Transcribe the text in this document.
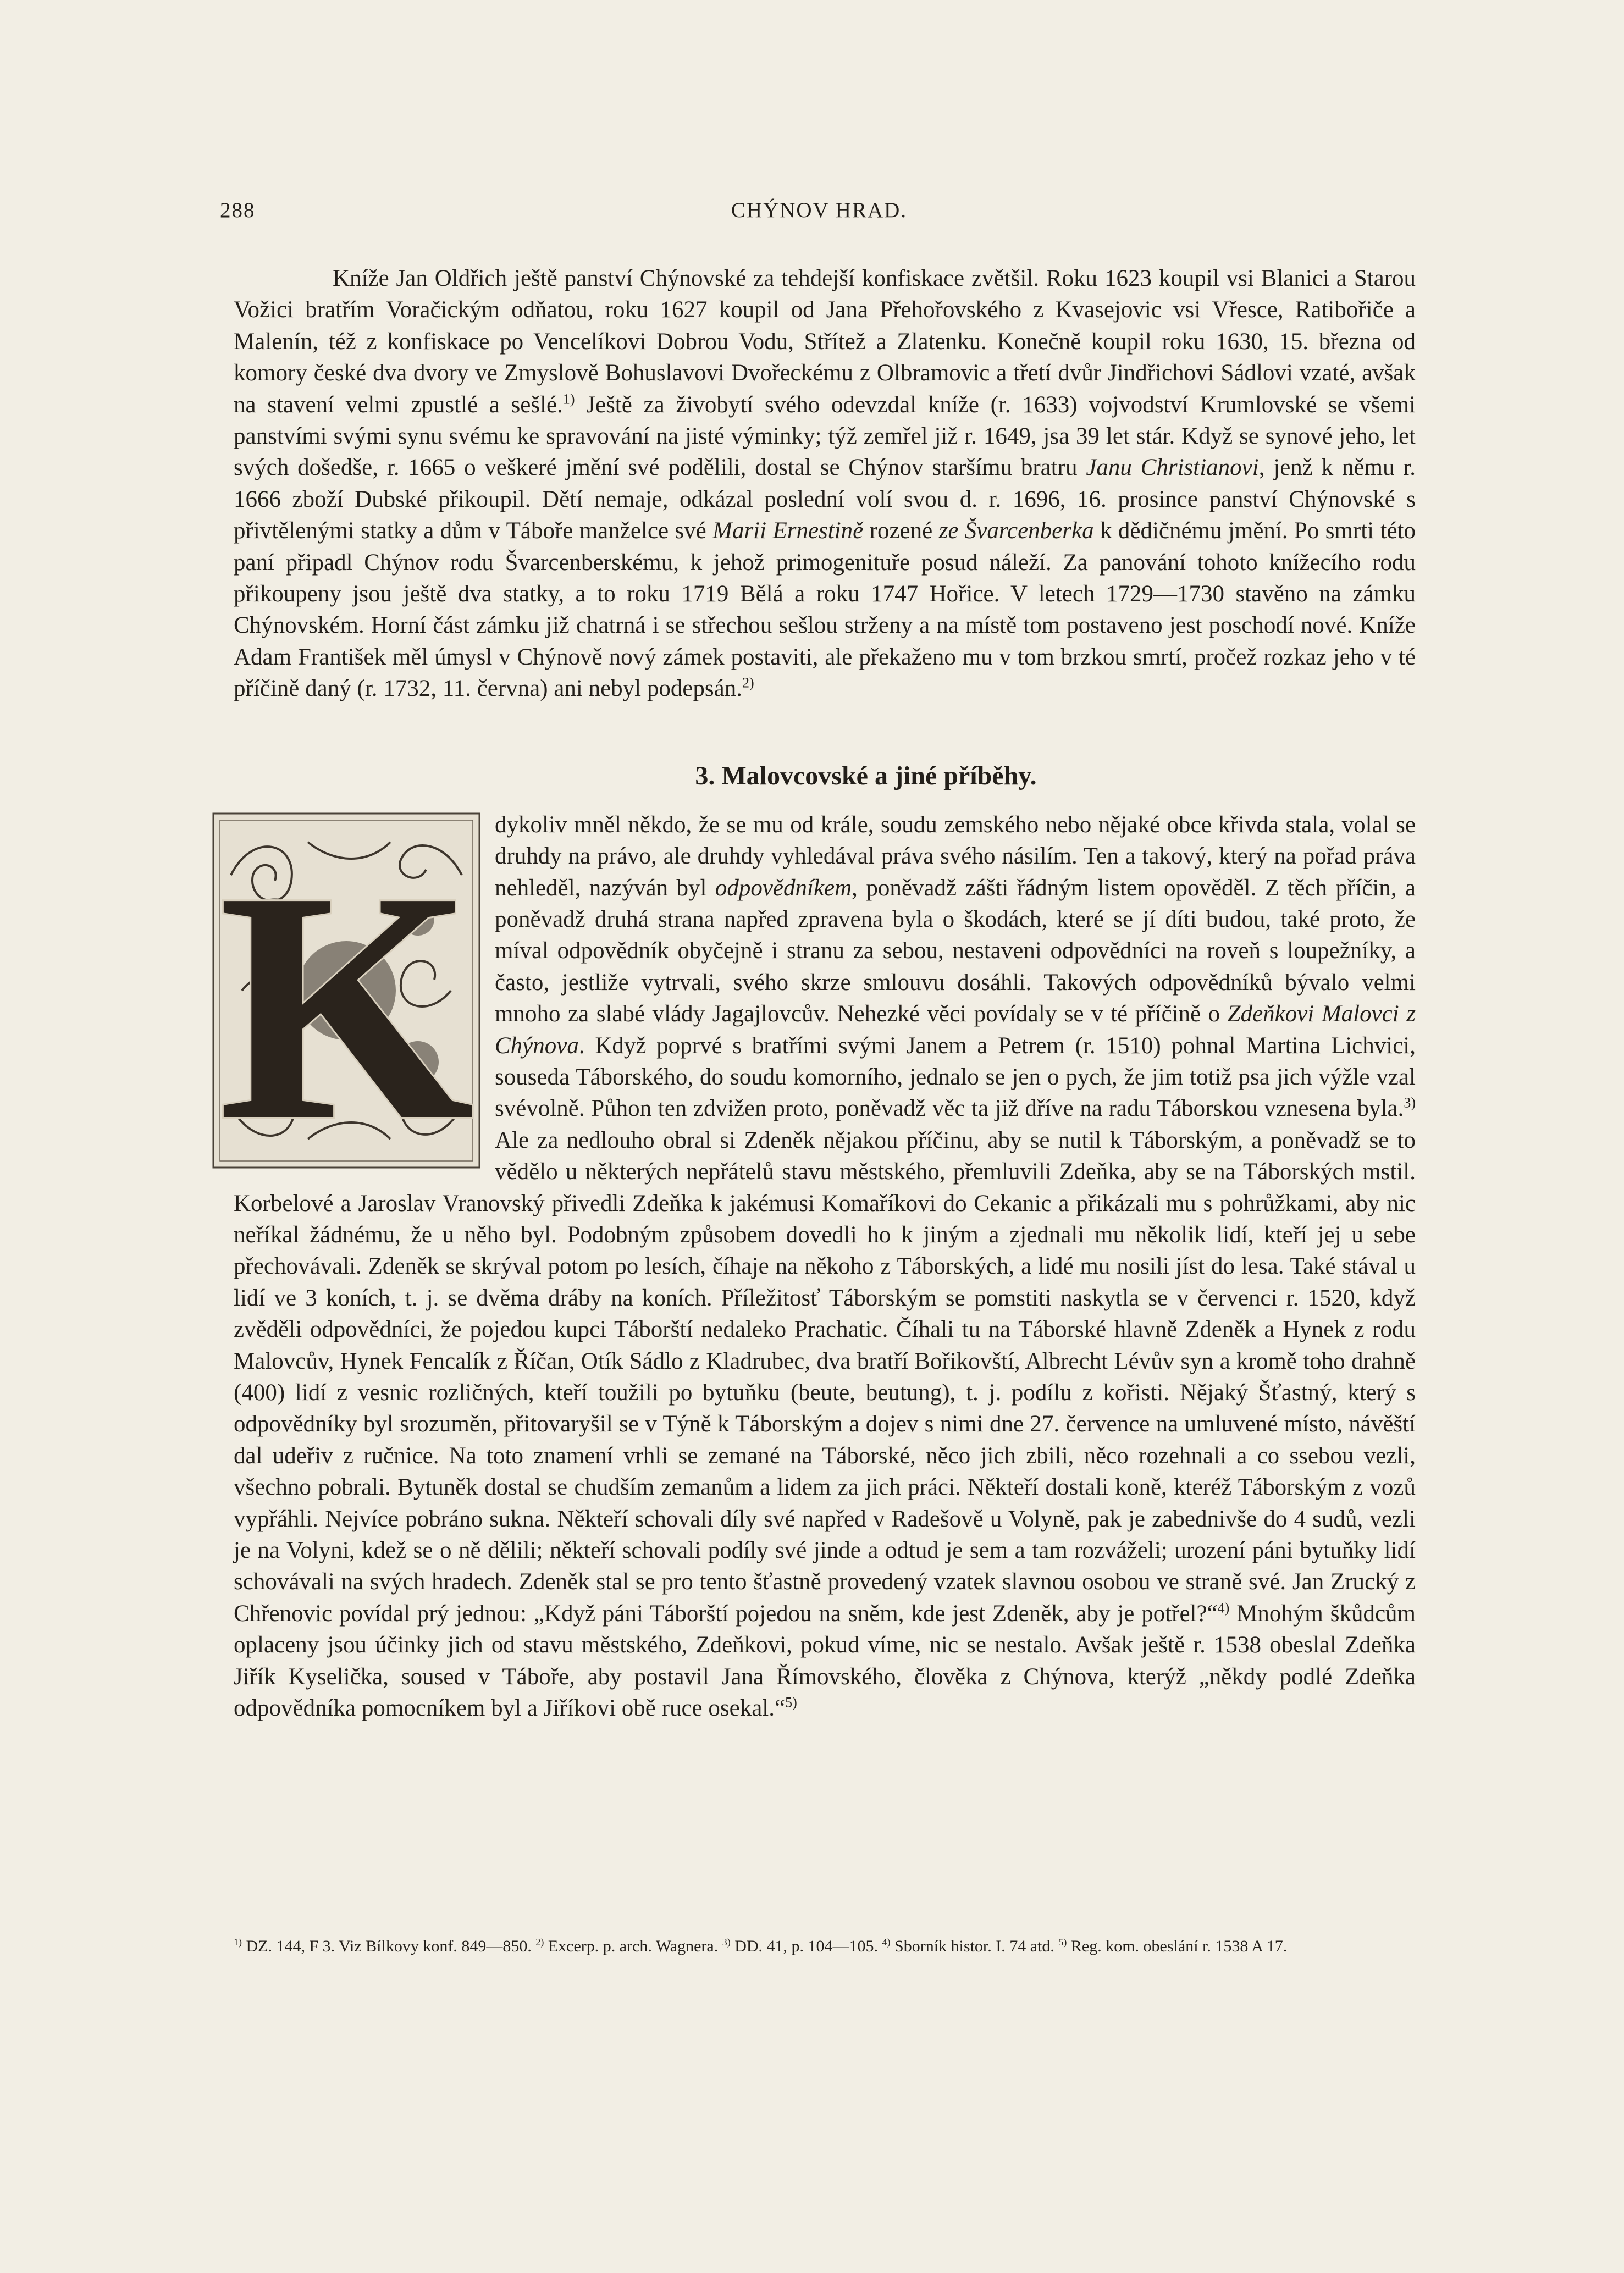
288	CHÝNOV HRAD.

Kníže Jan Oldřich ještě panství Chýnovské za tehdejší konfiskace zvětšil. Roku 1623 koupil vsi Blanici a Starou Vožici bratřím Voračickým odňatou, roku 1627 koupil od Jana Přehořovského z Kvasejovic vsi Vřesce, Ratibořiče a Malenín, též z konfiskace po Vencelíkovi Dobrou Vodu, Střítež a Zlatenku. Konečně koupil roku 1630, 15. března od komory české dva dvory ve Zmyslově Bohuslavovi Dvořeckému z Olbramovic a třetí dvůr Jindřichovi Sádlovi vzaté, avšak na stavení velmi zpustlé a sešlé.$^{1)}$ Ještě za živobytí svého odevzdal kníže (r. 1633) vojvodství Krumlovské se všemi panstvími svými synu svému ke spravování na jisté výminky; týž zemřel již r. 1649, jsa 39 let stár. Když se synové jeho, let svých došedše, r. 1665 o veškeré jmění své podělili, dostal se Chýnov staršímu bratru Janu Christianovi, jenž k němu r. 1666 zboží Dubské přikoupil. Dětí nemaje, odkázal poslední volí svou d. r. 1696, 16. prosince panství Chýnovské s přivtělenými statky a dům v Táboře manželce své Marii Ernestině rozené ze Švarcenberka k dědičnému jmění. Po smrti této paní připadl Chýnov rodu Švarcenberskému, k jehož primogenituře posud náleží. Za panování tohoto knížecího rodu přikoupeny jsou ještě dva statky, a to roku 1719 Bělá a roku 1747 Hořice. V letech 1729—1730 stavěno na zámku Chýnovském. Horní část zámku již chatrná i se střechou sešlou strženy a na místě tom postaveno jest poschodí nové. Kníže Adam František měl úmysl v Chýnově nový zámek postaviti, ale překaženo mu v tom brzkou smrtí, pročež rozkaz jeho v té příčině daný (r. 1732, 11. června) ani nebyl podepsán.$^{2)}$

3. Malovcovské a jiné příběhy.
K dykoliv mněl někdo, že se mu od krále, soudu zemského nebo nějaké obce křivda stala, volal se druhdy na právo, ale druhdy vyhledával práva svého násilím. Ten a takový, který na pořad práva nehleděl, nazýván byl odpovědníkem, poněvadž zášti řádným listem opověděl. Z těch příčin, a poněvadž druhá strana napřed zpravena byla o škodách, které se jí díti budou, také proto, že míval odpovědník obyčejně i stranu za sebou, nestaveni odpovědníci na roveň s loupežníky, a často, jestliže vytrvali, svého skrze smlouvu dosáhli. Takových odpovědníků bývalo velmi mnoho za slabé vlády Jagajlovcův. Nehezké věci povídaly se v té příčině o Zdeňkovi Malovci z Chýnova. Když poprvé s bratřími svými Janem a Petrem (r. 1510) pohnal Martina Lichvici, souseda Táborského, do soudu komorního, jednalo se jen o pych, že jim totiž psa jich výžle vzal svévolně. Půhon ten zdvižen proto, poněvadž věc ta již dříve na radu Táborskou vznesena byla.$^{3)}$ Ale za nedlouho obral si Zdeněk nějakou příčinu, aby se nutil k Táborským, a poněvadž se to vědělo u některých nepřátelů stavu městského, přemluvili Zdeňka, aby se na Táborských mstil. Korbelové a Jaroslav Vranovský přivedli Zdeňka k jakémusi Komaříkovi do Cekanic a přikázali mu s pohrůžkami, aby nic neříkal žádnému, že u něho byl. Podobným způsobem dovedli ho k jiným a zjednali mu několik lidí, kteří jej u sebe přechovávali. Zdeněk se skrýval potom po lesích, číhaje na někoho z Táborských, a lidé mu nosili jíst do lesa. Také stával u lidí ve 3 koních, t. j. se dvěma dráby na koních. Příležitosť Táborským se pomstiti naskytla se v červenci r. 1520, když zvěděli odpovědníci, že pojedou kupci Táborští nedaleko Prachatic. Číhali tu na Táborské hlavně Zdeněk a Hynek z rodu Malovcův, Hynek Fencalík z Říčan, Otík Sádlo z Kladrubec, dva bratří Bořikovští, Albrecht Lévův syn a kromě toho drahně (400) lidí z vesnic rozličných, kteří toužili po bytuňku (beute, beutung), t. j. podílu z kořisti. Nějaký Šťastný, který s odpovědníky byl srozuměn, přitovaryšil se v Týně k Táborským a dojev s nimi dne 27. července na umluvené místo, návěští dal udeřiv z ručnice. Na toto znamení vrhli se zemané na Táborské, něco jich zbili, něco rozehnali a co ssebou vezli, všechno pobrali. Bytuněk dostal se chudším zemanům a lidem za jich práci. Někteří dostali koně, kteréž Táborským z vozů vypřáhli. Nejvíce pobráno sukna. Někteří schovali díly své napřed v Radešově u Volyně, pak je zabednivše do 4 sudů, vezli je na Volyni, kdež se o ně dělili; někteří schovali podíly své jinde a odtud je sem a tam rozváželi; urození páni bytuňky lidí schovávali na svých hradech. Zdeněk stal se pro tento šťastně provedený vzatek slavnou osobou ve straně své. Jan Zrucký z Chřenovic povídal prý jednou: „Když páni Táborští pojedou na sněm, kde jest Zdeněk, aby je potřel?“$^{4)}$ Mnohým škůdcům oplaceny jsou účinky jich od stavu městského, Zdeňkovi, pokud víme, nic se nestalo. Avšak ještě r. 1538 obeslal Zdeňka Jiřík Kyselička, soused v Táboře, aby postavil Jana Římovského, člověka z Chýnova, kterýž „někdy podlé Zdeňka odpovědníka pomocníkem byl a Jiříkovi obě ruce osekal.“$^{5)}$

$^{1)}$ DZ. 144, F 3. Viz Bílkovy konf. 849—850. $^{2)}$ Excerp. p. arch. Wagnera. $^{3)}$ DD. 41, p. 104—105. $^{4)}$ Sborník histor. I. 74 atd. $^{5)}$ Reg. kom. obeslání r. 1538 A 17.
